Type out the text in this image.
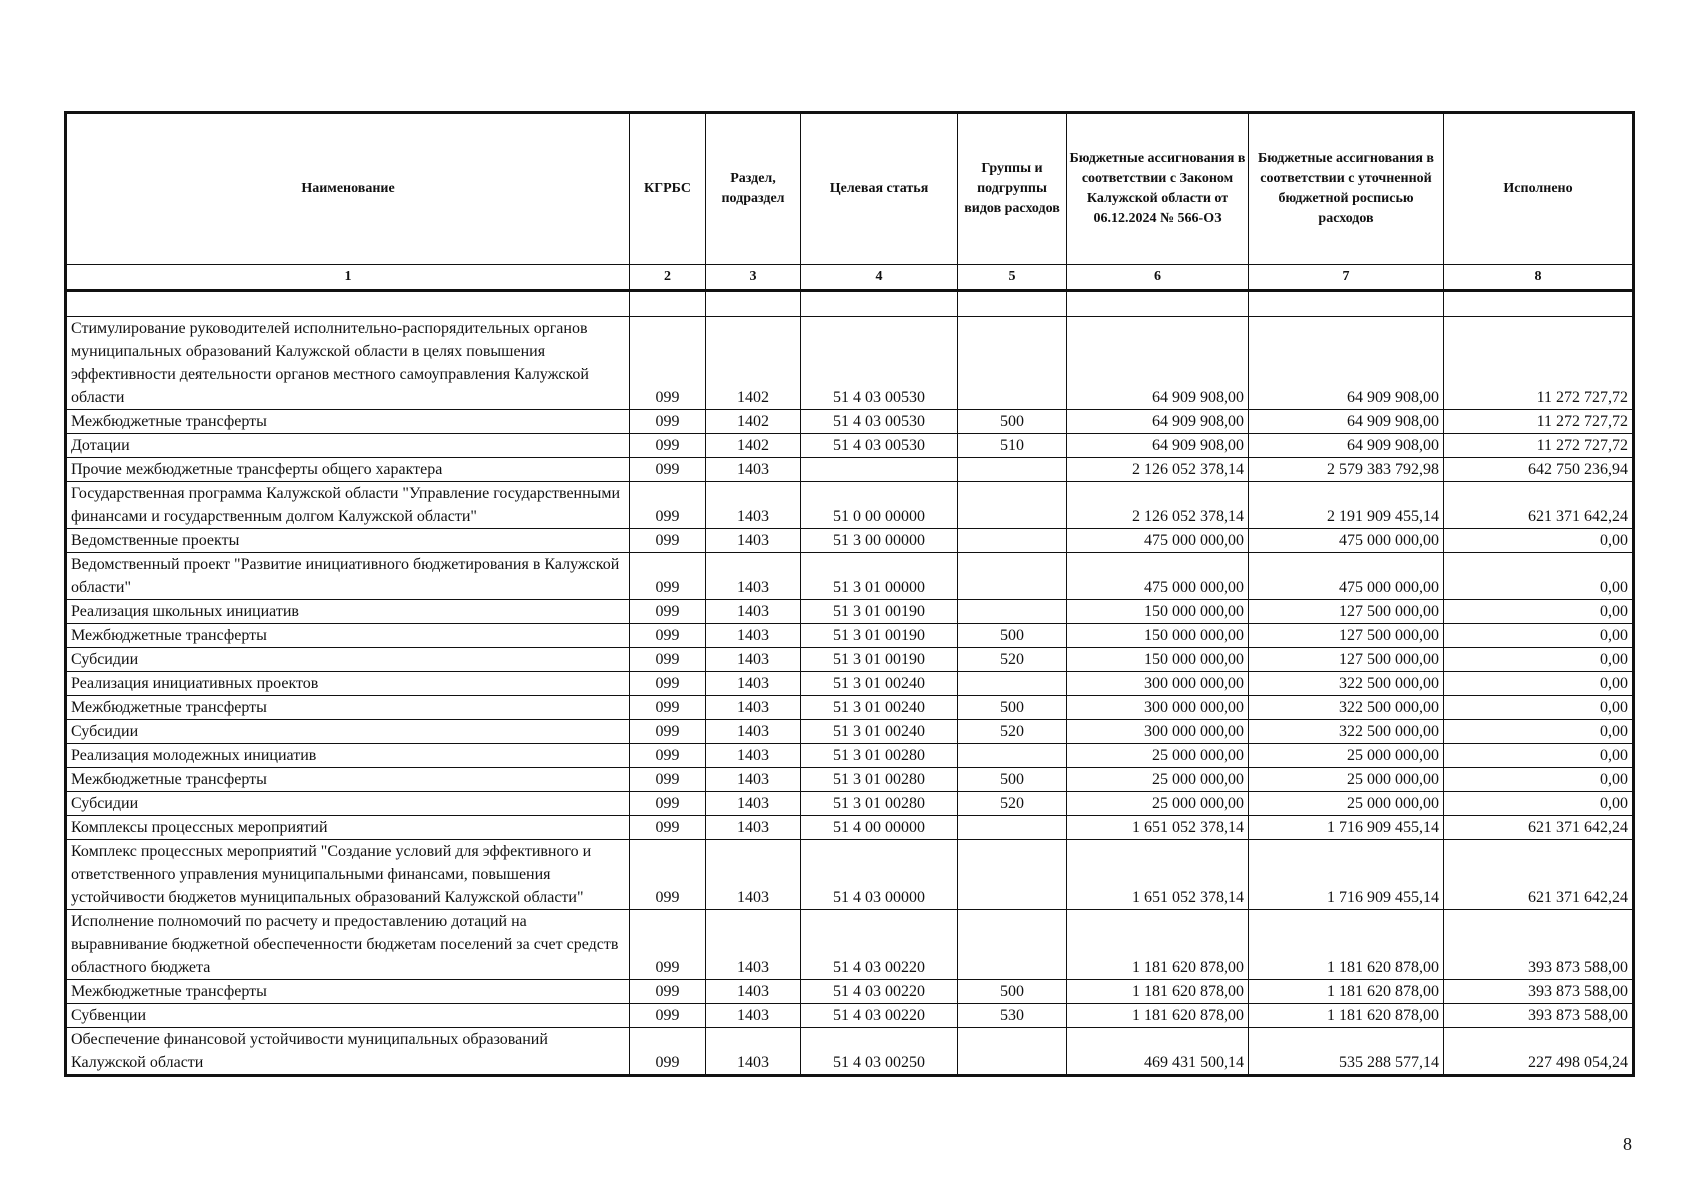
Наименование	КГРБС	Раздел, подраздел	Целевая статья	Группы и подгруппы видов расходов	Бюджетные ассигнования в соответствии с Законом Калужской области от 06.12.2024 № 566-ОЗ	Бюджетные ассигнования в соответствии с уточненной бюджетной росписью расходов	Исполнено
1	2	3	4	5	6	7	8

Стимулирование руководителей исполнительно-распорядительных органов муниципальных образований Калужской области в целях повышения эффективности деятельности органов местного самоуправления Калужской области	099	1402	51 4 03 00530		64 909 908,00	64 909 908,00	11 272 727,72
Межбюджетные трансферты	099	1402	51 4 03 00530	500	64 909 908,00	64 909 908,00	11 272 727,72
Дотации	099	1402	51 4 03 00530	510	64 909 908,00	64 909 908,00	11 272 727,72
Прочие межбюджетные трансферты общего характера	099	1403			2 126 052 378,14	2 579 383 792,98	642 750 236,94
Государственная программа Калужской области "Управление государственными финансами и государственным долгом Калужской области"	099	1403	51 0 00 00000		2 126 052 378,14	2 191 909 455,14	621 371 642,24
Ведомственные проекты	099	1403	51 3 00 00000		475 000 000,00	475 000 000,00	0,00
Ведомственный проект "Развитие инициативного бюджетирования в Калужской области"	099	1403	51 3 01 00000		475 000 000,00	475 000 000,00	0,00
Реализация школьных инициатив	099	1403	51 3 01 00190		150 000 000,00	127 500 000,00	0,00
Межбюджетные трансферты	099	1403	51 3 01 00190	500	150 000 000,00	127 500 000,00	0,00
Субсидии	099	1403	51 3 01 00190	520	150 000 000,00	127 500 000,00	0,00
Реализация инициативных проектов	099	1403	51 3 01 00240		300 000 000,00	322 500 000,00	0,00
Межбюджетные трансферты	099	1403	51 3 01 00240	500	300 000 000,00	322 500 000,00	0,00
Субсидии	099	1403	51 3 01 00240	520	300 000 000,00	322 500 000,00	0,00
Реализация молодежных инициатив	099	1403	51 3 01 00280		25 000 000,00	25 000 000,00	0,00
Межбюджетные трансферты	099	1403	51 3 01 00280	500	25 000 000,00	25 000 000,00	0,00
Субсидии	099	1403	51 3 01 00280	520	25 000 000,00	25 000 000,00	0,00
Комплексы процессных мероприятий	099	1403	51 4 00 00000		1 651 052 378,14	1 716 909 455,14	621 371 642,24
Комплекс процессных мероприятий "Создание условий для эффективного и ответственного управления муниципальными финансами, повышения устойчивости бюджетов муниципальных образований Калужской области"	099	1403	51 4 03 00000		1 651 052 378,14	1 716 909 455,14	621 371 642,24
Исполнение полномочий по расчету и предоставлению дотаций на выравнивание бюджетной обеспеченности бюджетам поселений за счет средств областного бюджета	099	1403	51 4 03 00220		1 181 620 878,00	1 181 620 878,00	393 873 588,00
Межбюджетные трансферты	099	1403	51 4 03 00220	500	1 181 620 878,00	1 181 620 878,00	393 873 588,00
Субвенции	099	1403	51 4 03 00220	530	1 181 620 878,00	1 181 620 878,00	393 873 588,00
Обеспечение финансовой устойчивости муниципальных образований Калужской области	099	1403	51 4 03 00250		469 431 500,14	535 288 577,14	227 498 054,24
8
